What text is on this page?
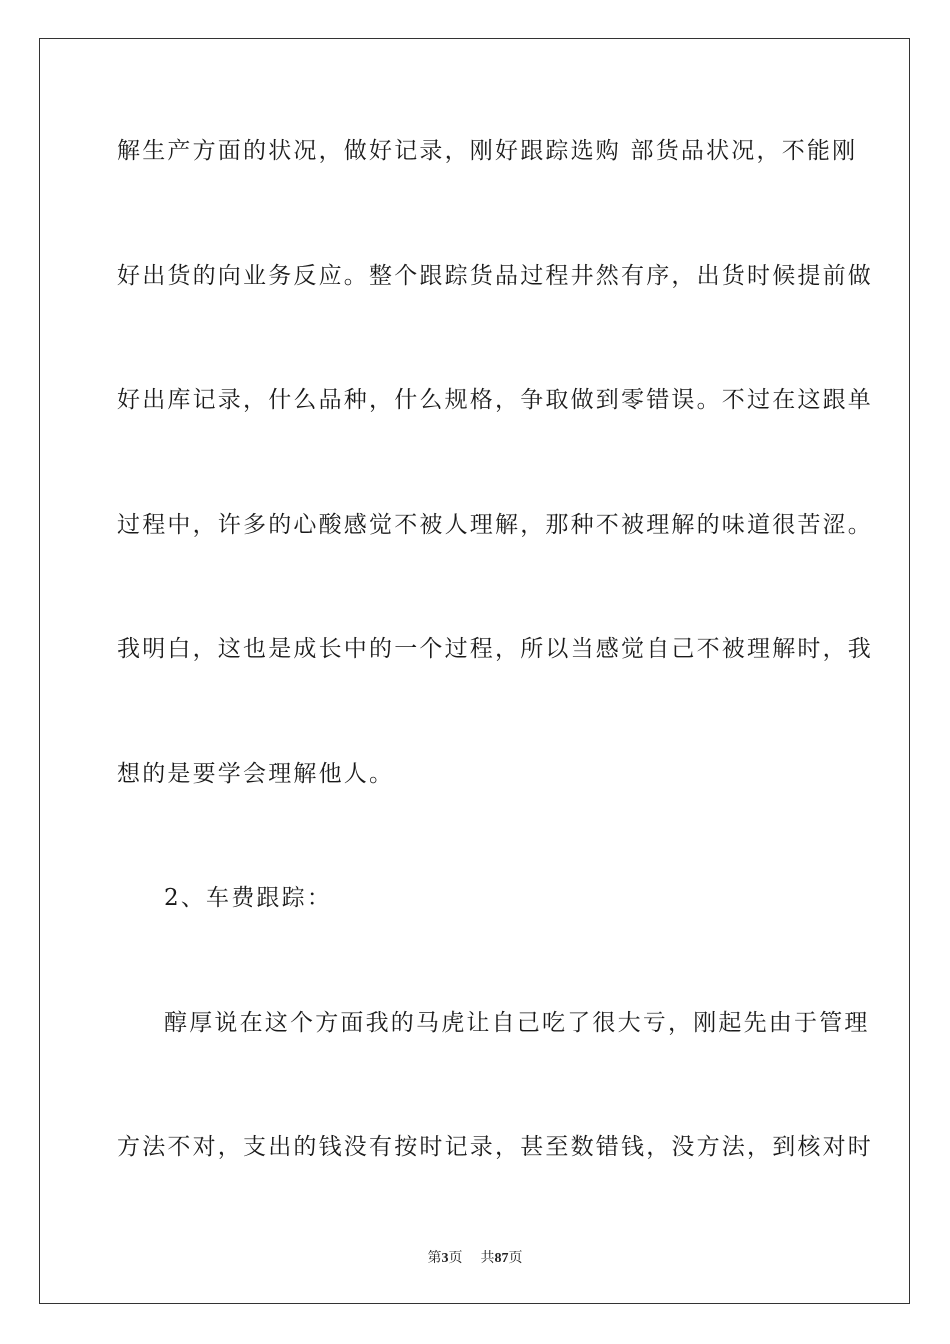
解生产方面的状况，做好记录，刚好跟踪选购 部货品状况，不能刚
好出货的向业务反应。整个跟踪货品过程井然有序，出货时候提前做
好出库记录，什么品种，什么规格，争取做到零错误。不过在这跟单
过程中，许多的心酸感觉不被人理解，那种不被理解的味道很苦涩。
我明白，这也是成长中的一个过程，所以当感觉自己不被理解时，我
想的是要学会理解他人。
2、车费跟踪：
醇厚说在这个方面我的马虎让自己吃了很大亏，刚起先由于管理
方法不对，支出的钱没有按时记录，甚至数错钱，没方法，到核对时
第3页 共87页
